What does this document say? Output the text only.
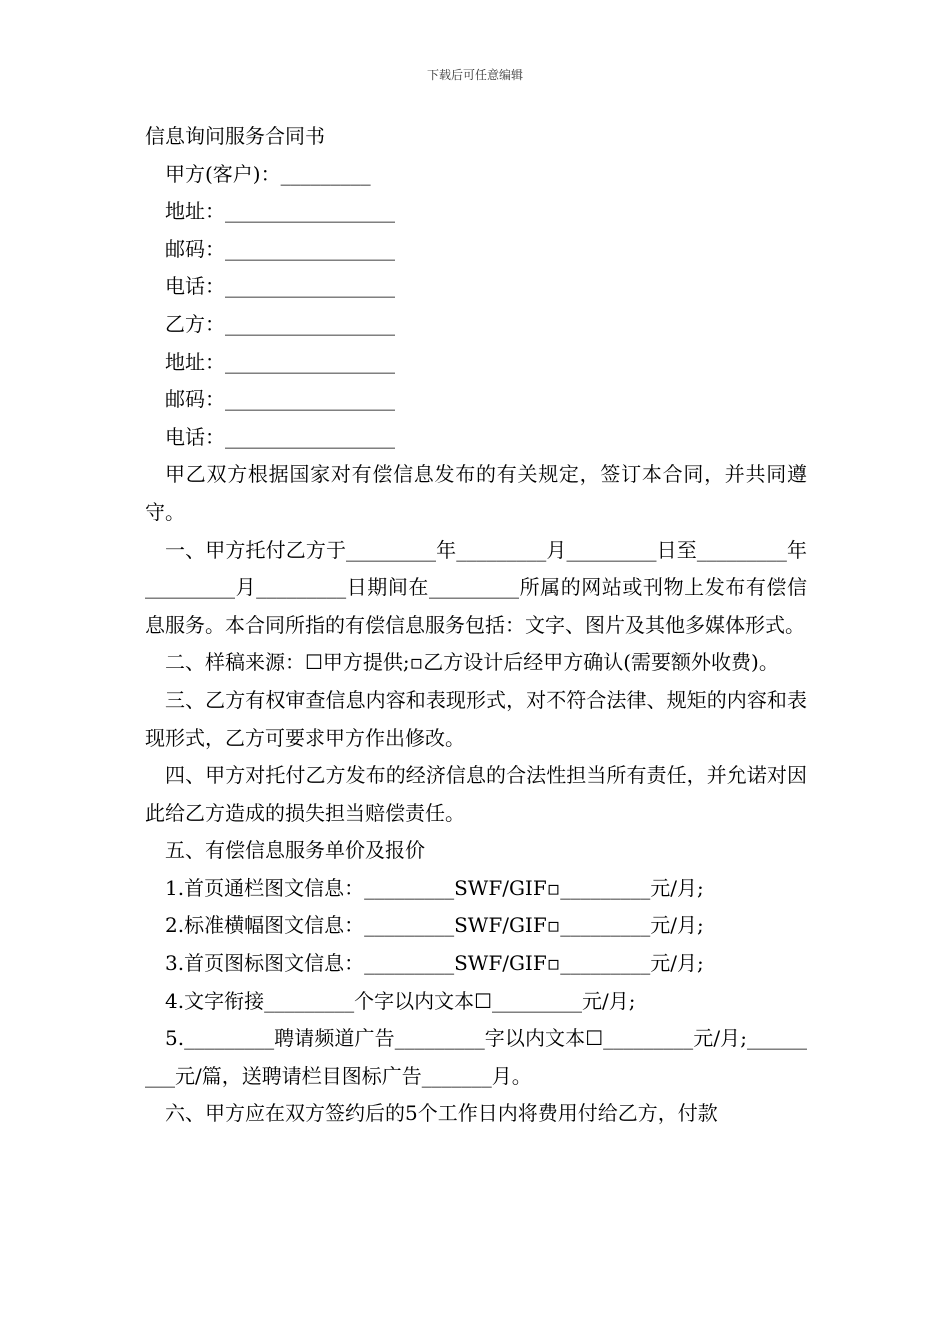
下载后可任意编辑

信息询问服务合同书

甲方(客户)：_________

地址：_________________

邮码：_________________

电话：_________________

乙方：_________________

地址：_________________

邮码：_________________

电话：_________________

甲乙双方根据国家对有偿信息发布的有关规定，签订本合同，并共同遵守。

一、甲方托付乙方于_________年_________月_________日至_________年_________月_________日期间在_________所属的网站或刊物上发布有偿信息服务。本合同所指的有偿信息服务包括：文字、图片及其他多媒体形式。

二、样稿来源：☐甲方提供;▫乙方设计后经甲方确认(需要额外收费)。

三、乙方有权审查信息内容和表现形式，对不符合法律、规矩的内容和表现形式，乙方可要求甲方作出修改。

四、甲方对托付乙方发布的经济信息的合法性担当所有责任，并允诺对因此给乙方造成的损失担当赔偿责任。

五、有偿信息服务单价及报价

1.首页通栏图文信息：_________SWF/GIF▫_________元/月;

2.标准横幅图文信息：_________SWF/GIF▫_________元/月;

3.首页图标图文信息：_________SWF/GIF▫_________元/月;

4.文字衔接_________个字以内文本☐_________元/月;

5._________聘请频道广告_________字以内文本☐_________元/月;_________元/篇，送聘请栏目图标广告_______月。

六、甲方应在双方签约后的5个工作日内将费用付给乙方，付款
